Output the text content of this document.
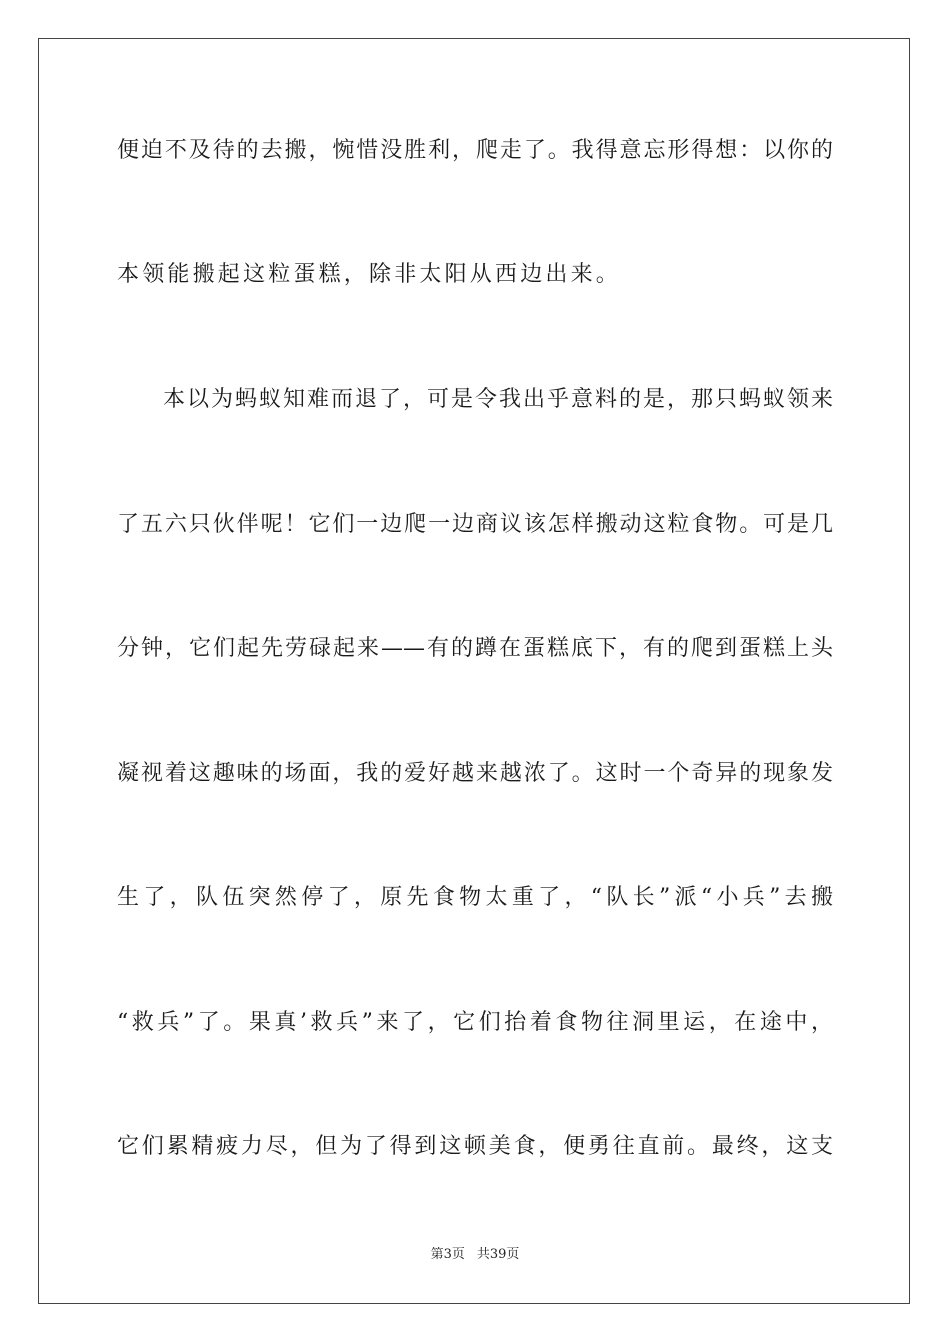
便迫不及待的去搬，惋惜没胜利，爬走了。我得意忘形得想：以你的
本领能搬起这粒蛋糕，除非太阳从西边出来。
本以为蚂蚁知难而退了，可是令我出乎意料的是，那只蚂蚁领来
了五六只伙伴呢！它们一边爬一边商议该怎样搬动这粒食物。可是几
分钟，它们起先劳碌起来——有的蹲在蛋糕底下，有的爬到蛋糕上头
凝视着这趣味的场面，我的爱好越来越浓了。这时一个奇异的现象发
生了，队伍突然停了，原先食物太重了，“队长”派“小兵”去搬
“救兵”了。果真’救兵”来了，它们抬着食物往洞里运，在途中，
它们累精疲力尽，但为了得到这顿美食，便勇往直前。最终，这支
第3页 共39页
